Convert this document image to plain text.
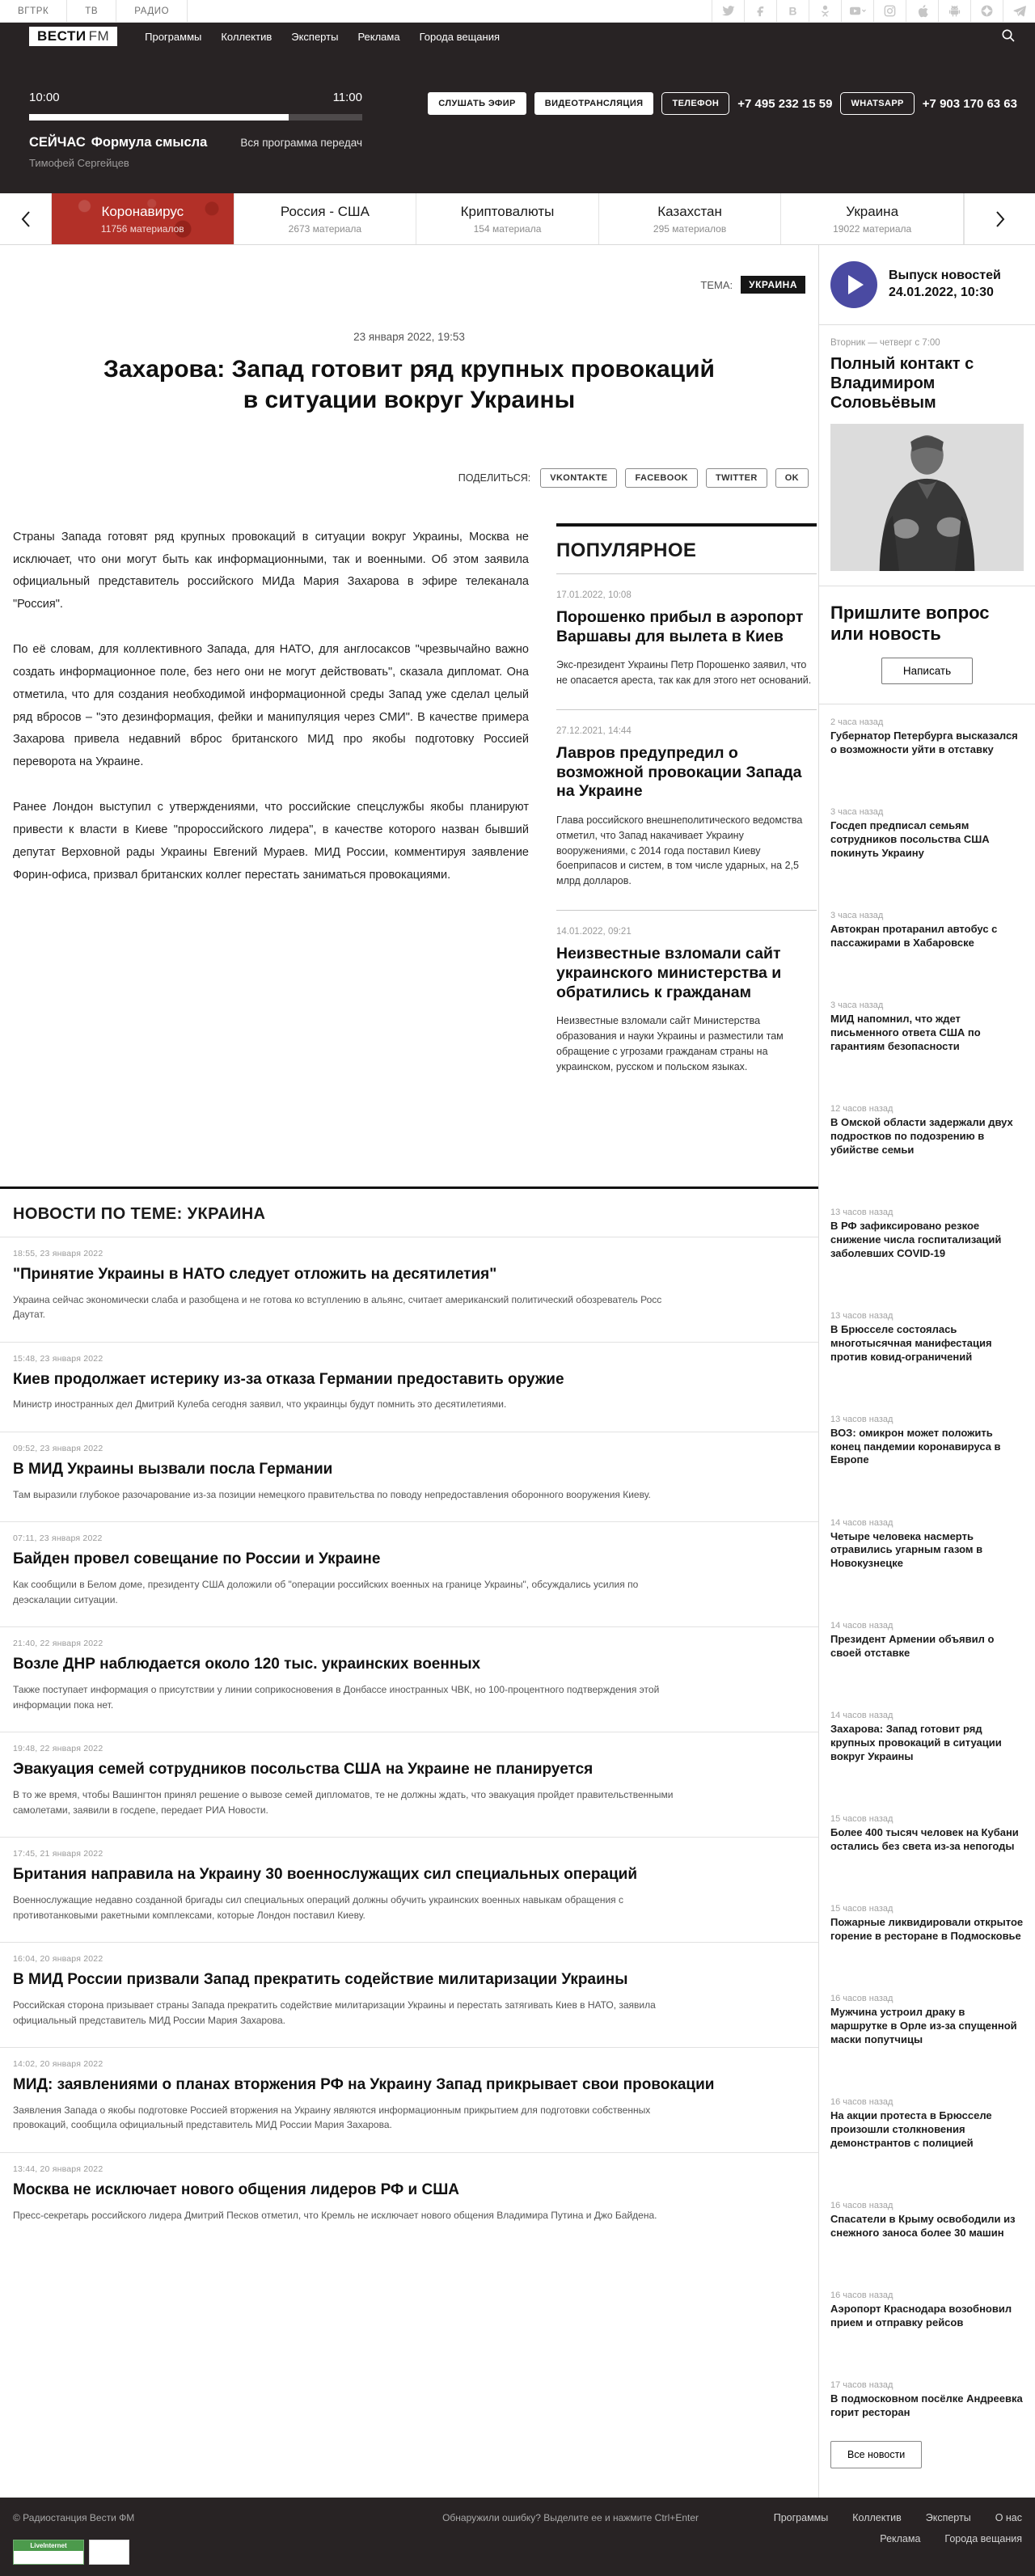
ВГТРК	ТВ	РАДИО	В
ВЕСТИ FM	Программы	Коллектив	Эксперты	Реклама	Города вещания
10:00	11:00
СЕЙЧАС Формула смысла	Вся программа передач
Тимофей Сергейцев
СЛУШАТЬ ЭФИР	ВИДЕОТРАНСЛЯЦИЯ	ТЕЛЕФОН	+7 495 232 15 59	WHATSAPP	+7 903 170 63 63
Коронавирус
11756 материалов
Россия - США
2673 материала
Криптовалюты
154 материала
Казахстан
295 материалов
Украина
19022 материала
ТЕМА:	УКРАИНА
23 января 2022, 19:53
Захарова: Запад готовит ряд крупных провокаций в ситуации вокруг Украины
ПОДЕЛИТЬСЯ:	VKONTAKTE	FACEBOOK	TWITTER	OK

Страны Запада готовят ряд крупных провокаций в ситуации вокруг Украины, Москва не исключает, что они могут быть как информационными, так и военными. Об этом заявила официальный представитель российского МИДа Мария Захарова в эфире телеканала "Россия".

По её словам, для коллективного Запада, для НАТО, для англосаксов "чрезвычайно важно создать информационное поле, без него они не могут действовать", сказала дипломат. Она отметила, что для создания необходимой информационной среды Запад уже сделал целый ряд вбросов – "это дезинформация, фейки и манипуляция через СМИ". В качестве примера Захарова привела недавний вброс британского МИД про якобы подготовку Россией переворота на Украине.

Ранее Лондон выступил с утверждениями, что российские спецслужбы якобы планируют привести к власти в Киеве "пророссийского лидера", в качестве которого назван бывший депутат Верховной рады Украины Евгений Мураев. МИД России, комментируя заявление Форин-офиса, призвал британских коллег перестать заниматься провокациями.

ПОПУЛЯРНОЕ
17.01.2022, 10:08
Порошенко прибыл в аэропорт Варшавы для вылета в Киев

Экс-президент Украины Петр Порошенко заявил, что не опасается ареста, так как для этого нет оснований.

27.12.2021, 14:44
Лавров предупредил о возможной провокации Запада на Украине

Глава российского внешнеполитического ведомства отметил, что Запад накачивает Украину вооружениями, с 2014 года поставил Киеву боеприпасов и систем, в том числе ударных, на 2,5 млрд долларов.

14.01.2022, 09:21
Неизвестные взломали сайт украинского министерства и обратились к гражданам

Неизвестные взломали сайт Министерства образования и науки Украины и разместили там обращение с угрозами гражданам страны на украинском, русском и польском языках.

НОВОСТИ ПО ТЕМЕ: УКРАИНА
18:55, 23 января 2022
"Принятие Украины в НАТО следует отложить на десятилетия"

Украина сейчас экономически слаба и разобщена и не готова ко вступлению в альянс, считает американский политический обозреватель Росс Даутат.

15:48, 23 января 2022
Киев продолжает истерику из-за отказа Германии предоставить оружие

Министр иностранных дел Дмитрий Кулеба сегодня заявил, что украинцы будут помнить это десятилетиями.

09:52, 23 января 2022
В МИД Украины вызвали посла Германии

Там выразили глубокое разочарование из-за позиции немецкого правительства по поводу непредоставления оборонного вооружения Киеву.

07:11, 23 января 2022
Байден провел совещание по России и Украине

Как сообщили в Белом доме, президенту США доложили об "операции российских военных на границе Украины", обсуждались усилия по деэскалации ситуации.

21:40, 22 января 2022
Возле ДНР наблюдается около 120 тыс. украинских военных

Также поступает информация о присутствии у линии соприкосновения в Донбассе иностранных ЧВК, но 100-процентного подтверждения этой информации пока нет.

19:48, 22 января 2022
Эвакуация семей сотрудников посольства США на Украине не планируется

В то же время, чтобы Вашингтон принял решение о вывозе семей дипломатов, те не должны ждать, что эвакуация пройдет правительственными самолетами, заявили в госдепе, передает РИА Новости.

17:45, 21 января 2022
Британия направила на Украину 30 военнослужащих сил специальных операций

Военнослужащие недавно созданной бригады сил специальных операций должны обучить украинских военных навыкам обращения с противотанковыми ракетными комплексами, которые Лондон поставил Киеву.

16:04, 20 января 2022
В МИД России призвали Запад прекратить содействие милитаризации Украины

Российская сторона призывает страны Запада прекратить содействие милитаризации Украины и перестать затягивать Киев в НАТО, заявила официальный представитель МИД России Мария Захарова.

14:02, 20 января 2022
МИД: заявлениями о планах вторжения РФ на Украину Запад прикрывает свои провокации

Заявления Запада о якобы подготовке Россией вторжения на Украину являются информационным прикрытием для подготовки собственных провокаций, сообщила официальный представитель МИД России Мария Захарова.

13:44, 20 января 2022
Москва не исключает нового общения лидеров РФ и США

Пресс-секретарь российского лидера Дмитрий Песков отметил, что Кремль не исключает нового общения Владимира Путина и Джо Байдена.

Выпуск новостей
24.01.2022, 10:30
Вторник — четверг с 7:00
Полный контакт с Владимиром Соловьёвым
Пришлите вопрос или новость
Написать
2 часа назад
Губернатор Петербурга высказался о возможности уйти в отставку
3 часа назад
Госдеп предписал семьям сотрудников посольства США покинуть Украину
3 часа назад
Автокран протаранил автобус с пассажирами в Хабаровске
3 часа назад
МИД напомнил, что ждет письменного ответа США по гарантиям безопасности
12 часов назад
В Омской области задержали двух подростков по подозрению в убийстве семьи
13 часов назад
В РФ зафиксировано резкое снижение числа госпитализаций заболевших COVID-19
13 часов назад
В Брюсселе состоялась многотысячная манифестация против ковид-ограничений
13 часов назад
ВОЗ: омикрон может положить конец пандемии коронавируса в Европе
14 часов назад
Четыре человека насмерть отравились угарным газом в Новокузнецке
14 часов назад
Президент Армении объявил о своей отставке
14 часов назад
Захарова: Запад готовит ряд крупных провокаций в ситуации вокруг Украины
15 часов назад
Более 400 тысяч человек на Кубани остались без света из-за непогоды
15 часов назад
Пожарные ликвидировали открытое горение в ресторане в Подмосковье
16 часов назад
Мужчина устроил драку в маршрутке в Орле из-за спущенной маски попутчицы
16 часов назад
На акции протеста в Брюсселе произошли столкновения демонстрантов с полицией
16 часов назад
Спасатели в Крыму освободили из снежного заноса более 30 машин
16 часов назад
Аэропорт Краснодара возобновил прием и отправку рейсов
17 часов назад
В подмосковном посёлке Андреевка горит ресторан
Все новости
© Радиостанция Вести ФМ
LiveInternet
Обнаружили ошибку? Выделите ее и нажмите Ctrl+Enter	Программы Коллектив Эксперты О нас
Реклама Города вещания
